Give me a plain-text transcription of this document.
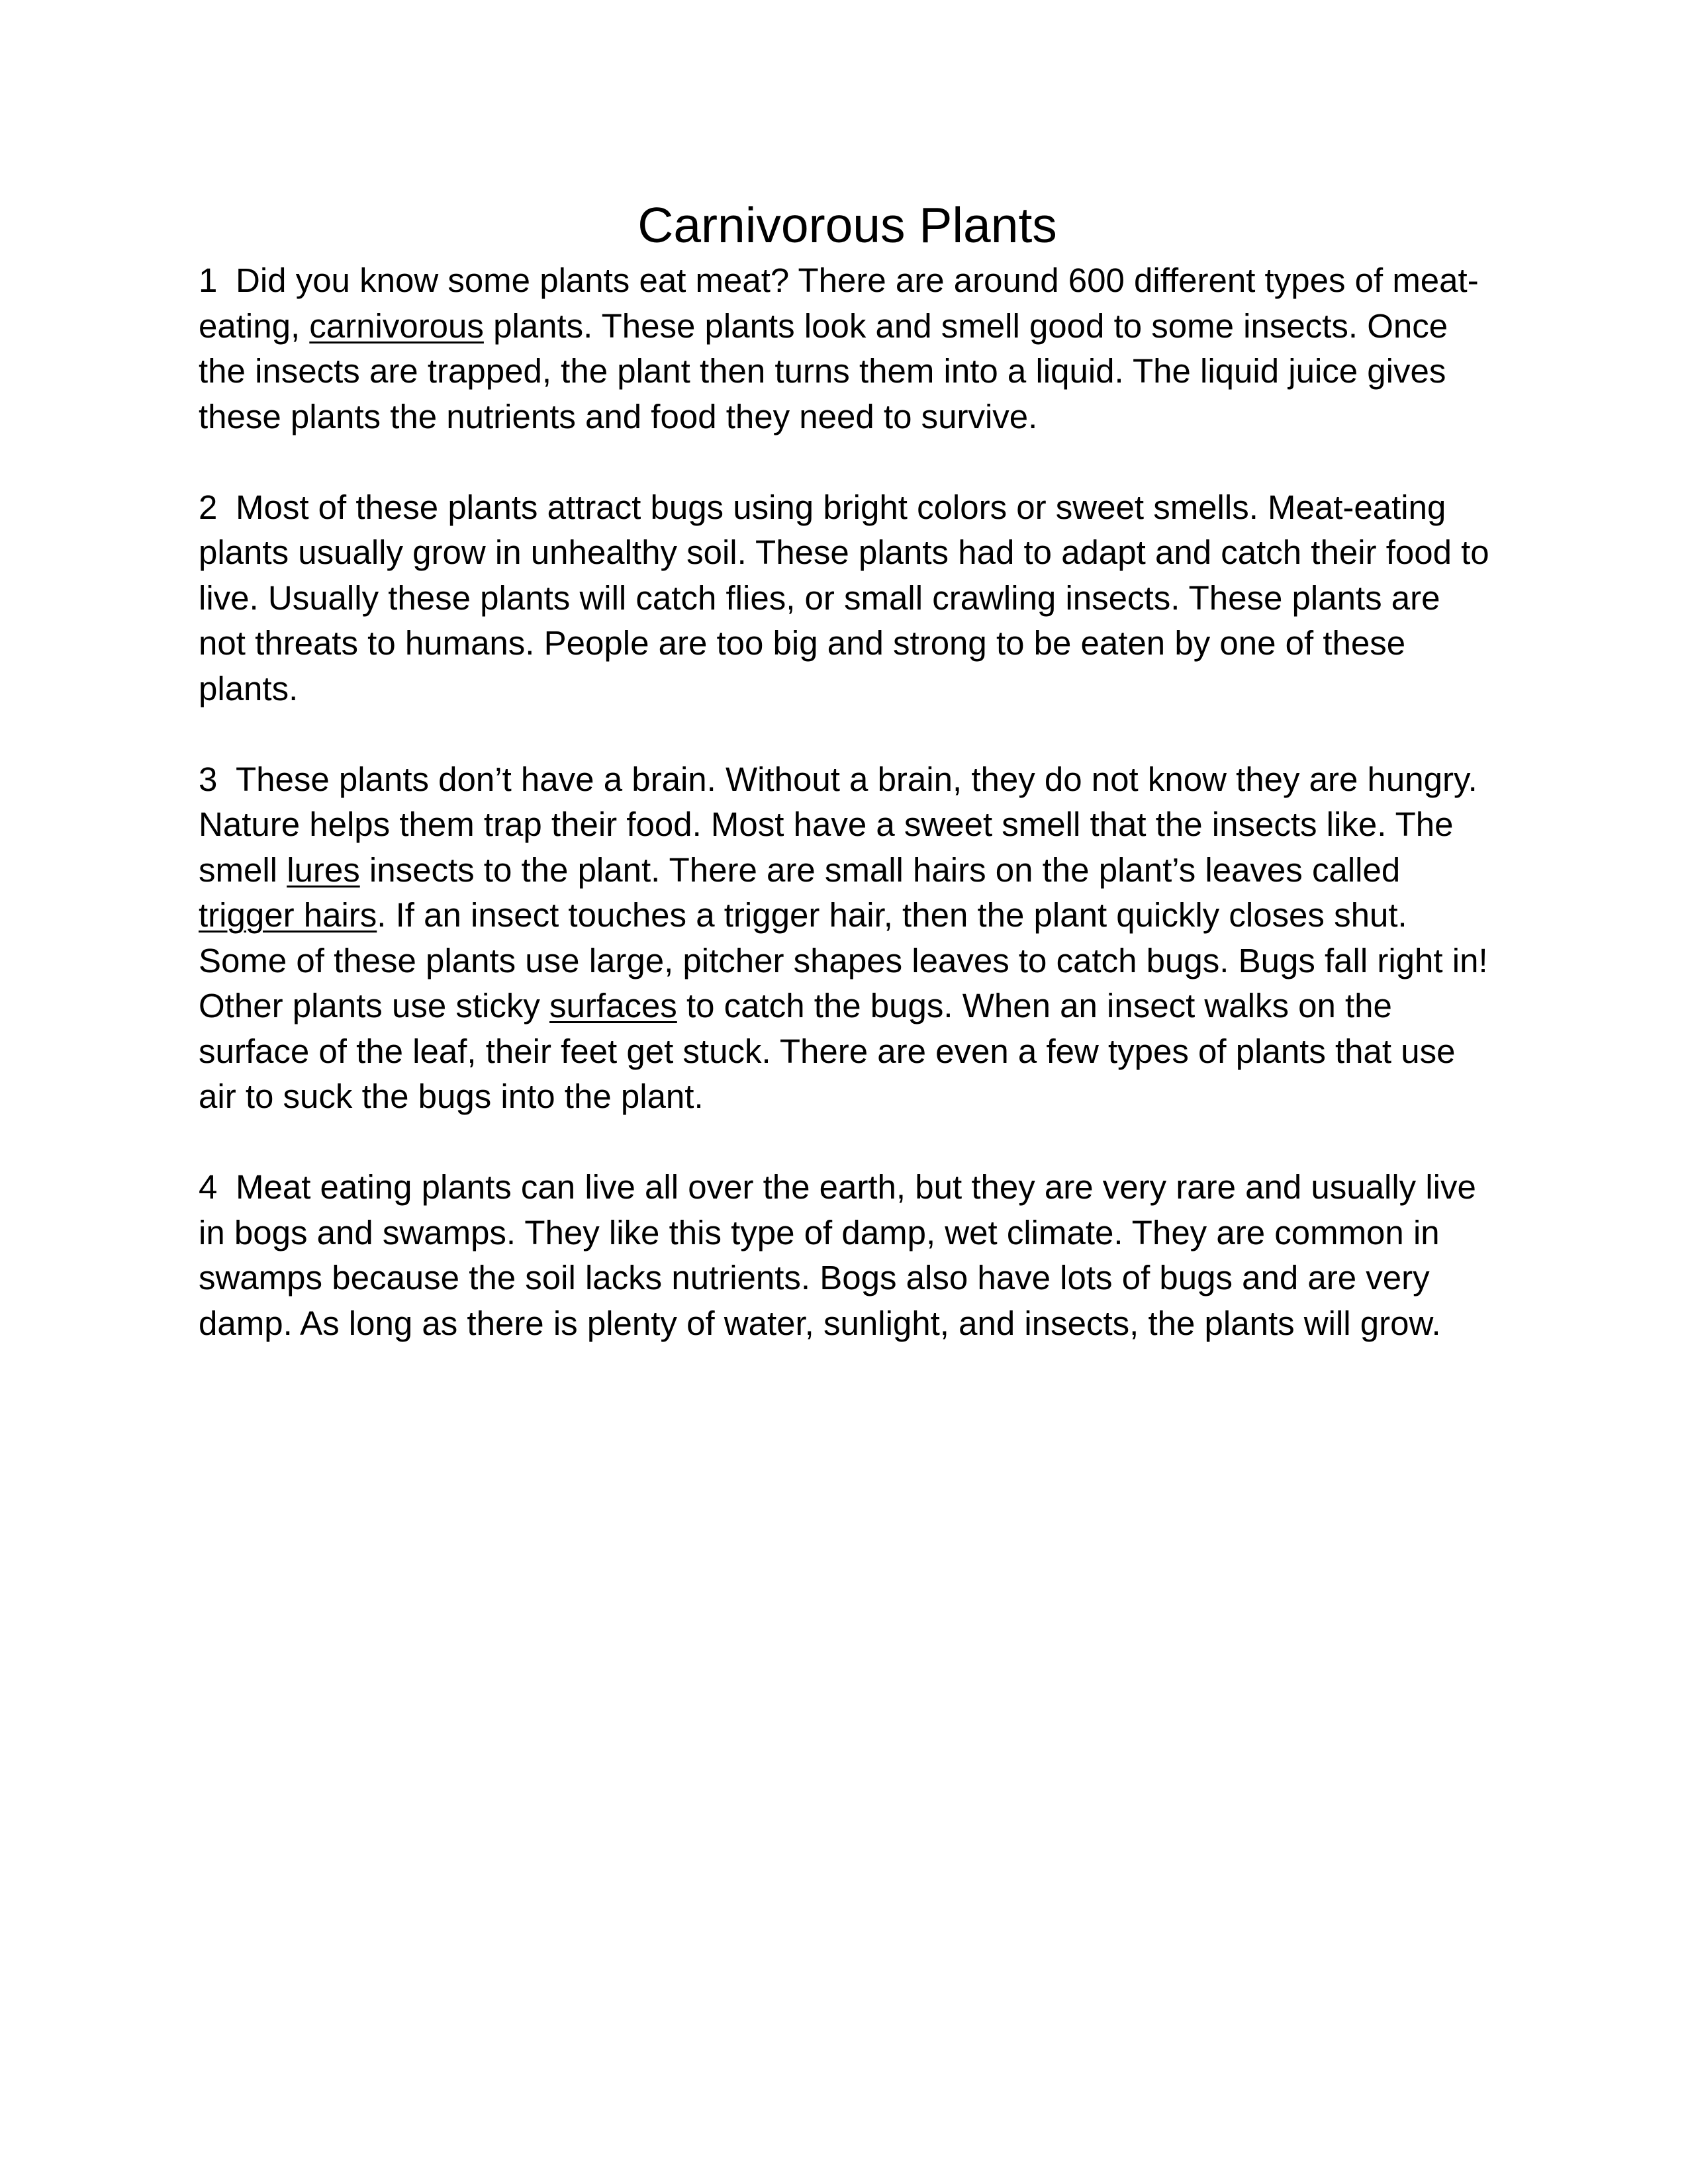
Carnivorous Plants

1 Did you know some plants eat meat? There are around 600 different types of meat-eating, carnivorous plants. These plants look and smell good to some insects. Once the insects are trapped, the plant then turns them into a liquid. The liquid juice gives these plants the nutrients and food they need to survive.

2 Most of these plants attract bugs using bright colors or sweet smells. Meat-eating plants usually grow in unhealthy soil. These plants had to adapt and catch their food to live. Usually these plants will catch flies, or small crawling insects. These plants are not threats to humans. People are too big and strong to be eaten by one of these plants.

3 These plants don’t have a brain. Without a brain, they do not know they are hungry. Nature helps them trap their food. Most have a sweet smell that the insects like. The smell lures insects to the plant. There are small hairs on the plant’s leaves called trigger hairs. If an insect touches a trigger hair, then the plant quickly closes shut. Some of these plants use large, pitcher shapes leaves to catch bugs. Bugs fall right in! Other plants use sticky surfaces to catch the bugs. When an insect walks on the surface of the leaf, their feet get stuck. There are even a few types of plants that use air to suck the bugs into the plant.

4 Meat eating plants can live all over the earth, but they are very rare and usually live in bogs and swamps. They like this type of damp, wet climate. They are common in swamps because the soil lacks nutrients. Bogs also have lots of bugs and are very damp. As long as there is plenty of water, sunlight, and insects, the plants will grow.
